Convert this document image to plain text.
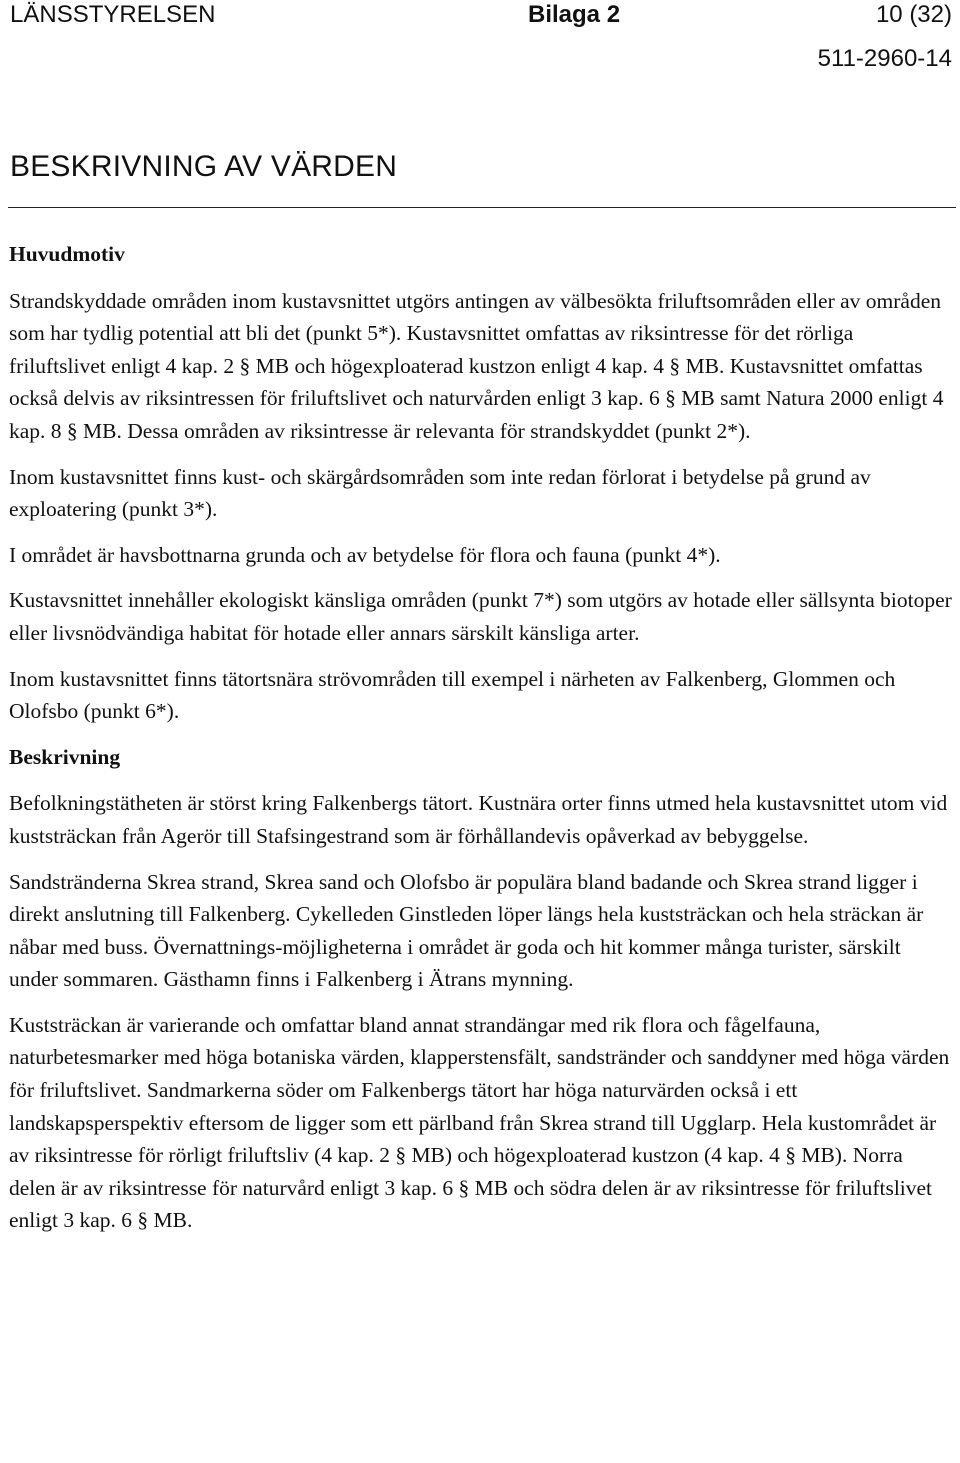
LÄNSSTYRELSEN	Bilaga 2	10 (32)
511-2960-14
BESKRIVNING AV VÄRDEN
Huvudmotiv

Strandskyddade områden inom kustavsnittet utgörs antingen av välbesökta friluftsområden eller av områden som har tydlig potential att bli det (punkt 5*). Kustavsnittet omfattas av riksintresse för det rörliga friluftslivet enligt 4 kap. 2 § MB och högexploaterad kustzon enligt 4 kap. 4 § MB. Kustavsnittet omfattas också delvis av riksintressen för friluftslivet och naturvården enligt 3 kap. 6 § MB samt Natura 2000 enligt 4 kap. 8 § MB. Dessa områden av riksintresse är relevanta för strandskyddet (punkt 2*).

Inom kustavsnittet finns kust- och skärgårdsområden som inte redan förlorat i betydelse på grund av exploatering (punkt 3*).

I området är havsbottnarna grunda och av betydelse för flora och fauna (punkt 4*).

Kustavsnittet innehåller ekologiskt känsliga områden (punkt 7*) som utgörs av hotade eller sällsynta biotoper eller livsnödvändiga habitat för hotade eller annars särskilt känsliga arter.

Inom kustavsnittet finns tätortsnära strövområden till exempel i närheten av Falkenberg, Glommen och Olofsbo (punkt 6*).

Beskrivning

Befolkningstätheten är störst kring Falkenbergs tätort. Kustnära orter finns utmed hela kustavsnittet utom vid kuststräckan från Agerör till Stafsingestrand som är förhållandevis opåverkad av bebyggelse.

Sandstränderna Skrea strand, Skrea sand och Olofsbo är populära bland badande och Skrea strand ligger i direkt anslutning till Falkenberg. Cykelleden Ginstleden löper längs hela kuststräckan och hela sträckan är nåbar med buss. Övernattnings-möjligheterna i området är goda och hit kommer många turister, särskilt under sommaren. Gästhamn finns i Falkenberg i Ätrans mynning.

Kuststräckan är varierande och omfattar bland annat strandängar med rik flora och fågelfauna, naturbetesmarker med höga botaniska värden, klapperstensfält, sandstränder och sanddyner med höga värden för friluftslivet. Sandmarkerna söder om Falkenbergs tätort har höga naturvärden också i ett landskapsperspektiv eftersom de ligger som ett pärlband från Skrea strand till Ugglarp. Hela kustområdet är av riksintresse för rörligt friluftsliv (4 kap. 2 § MB) och högexploaterad kustzon (4 kap. 4 § MB). Norra delen är av riksintresse för naturvård enligt 3 kap. 6 § MB och södra delen är av riksintresse för friluftslivet enligt 3 kap. 6 § MB.
